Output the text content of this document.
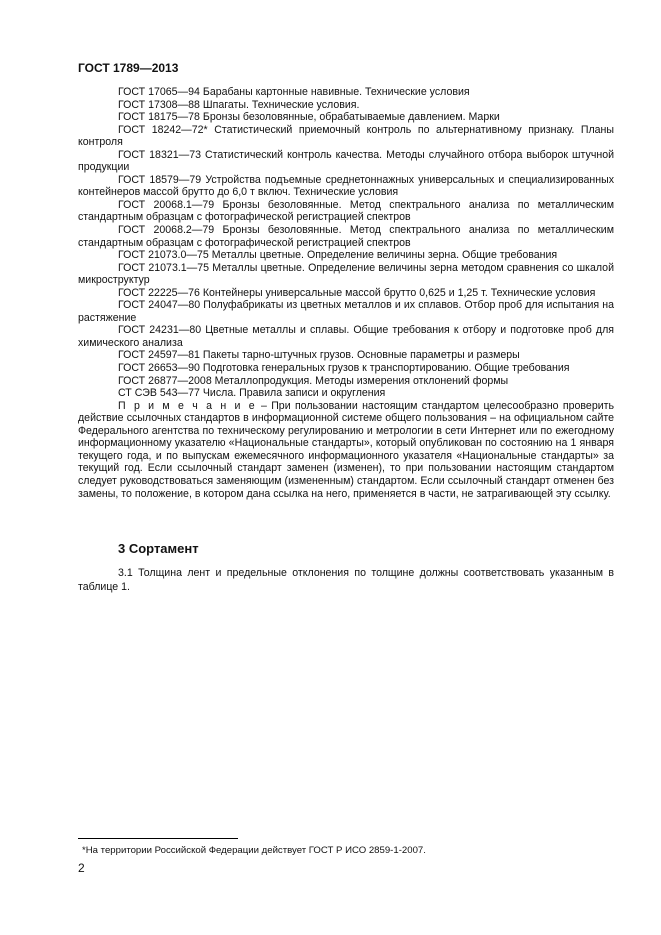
ГОСТ 1789—2013

ГОСТ 17065—94 Барабаны картонные навивные. Технические условия

ГОСТ 17308—88 Шпагаты. Технические условия.

ГОСТ 18175—78 Бронзы безоловянные, обрабатываемые давлением. Марки

ГОСТ 18242—72* Статистический приемочный контроль по альтернативному признаку. Планы контроля

ГОСТ 18321—73 Статистический контроль качества. Методы случайного отбора выборок штучной продукции

ГОСТ 18579—79 Устройства подъемные среднетоннажных универсальных и специализированных контейнеров массой брутто до 6,0 т включ. Технические условия

ГОСТ 20068.1—79 Бронзы безоловянные. Метод спектрального анализа по металлическим стандартным образцам с фотографической регистрацией спектров

ГОСТ 20068.2—79 Бронзы безоловянные. Метод спектрального анализа по металлическим стандартным образцам с фотографической регистрацией спектров

ГОСТ 21073.0—75 Металлы цветные. Определение величины зерна. Общие требования

ГОСТ 21073.1—75 Металлы цветные. Определение величины зерна методом сравнения со шкалой микроструктур

ГОСТ 22225—76 Контейнеры универсальные массой брутто 0,625 и 1,25 т. Технические условия

ГОСТ 24047—80 Полуфабрикаты из цветных металлов и их сплавов. Отбор проб для испытания на растяжение

ГОСТ 24231—80 Цветные металлы и сплавы. Общие требования к отбору и подготовке проб для химического анализа

ГОСТ 24597—81 Пакеты тарно-штучных грузов. Основные параметры и размеры

ГОСТ 26653—90 Подготовка генеральных грузов к транспортированию. Общие требования

ГОСТ 26877—2008 Металлопродукция. Методы измерения отклонений формы

СТ СЭВ 543—77 Числа. Правила записи и округления

П р и м е ч а н и е – При пользовании настоящим стандартом целесообразно проверить действие ссылочных стандартов в информационной системе общего пользования – на официальном сайте Федерального агентства по техническому регулированию и метрологии в сети Интернет или по ежегодному информационному указателю «Национальные стандарты», который опубликован по состоянию на 1 января текущего года, и по выпускам ежемесячного информационного указателя «Национальные стандарты» за текущий год. Если ссылочный стандарт заменен (изменен), то при пользовании настоящим стандартом следует руководствоваться заменяющим (измененным) стандартом. Если ссылочный стандарт отменен без замены, то положение, в котором дана ссылка на него, применяется в части, не затрагивающей эту ссылку.

3 Сортамент

3.1 Толщина лент и предельные отклонения по толщине должны соответствовать указанным в таблице 1.

*На территории Российской Федерации действует ГОСТ Р ИСО 2859-1-2007.
2
